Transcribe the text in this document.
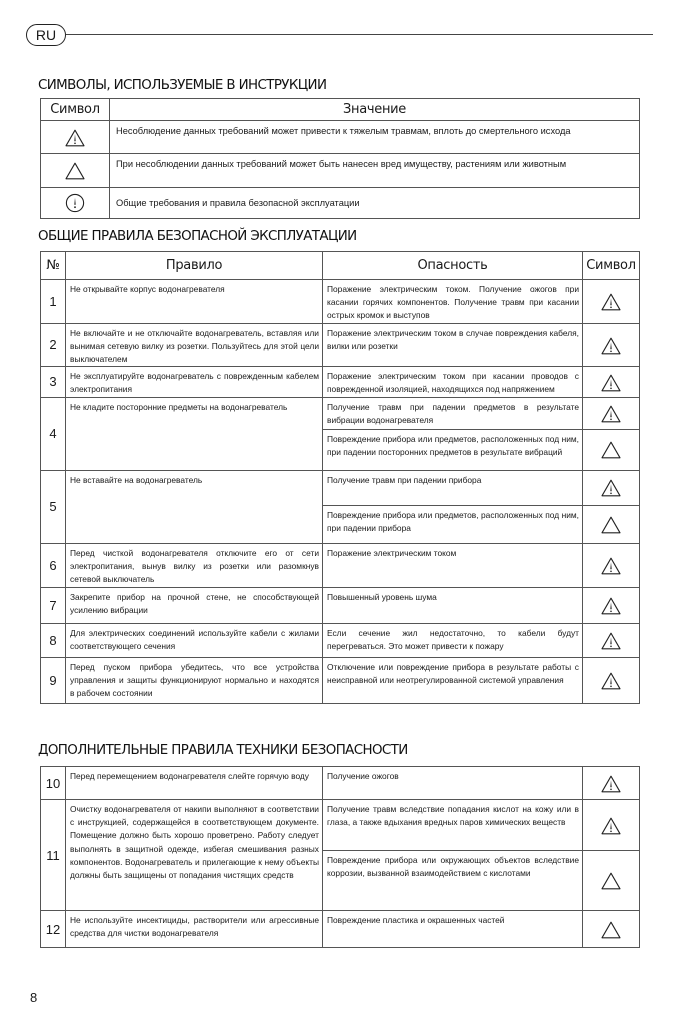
RU
СИМВОЛЫ, ИСПОЛЬЗУЕМЫЕ В ИНСТРУКЦИИ
Символ	Значение
	Несоблюдение данных требований может привести к тяжелым травмам, вплоть до смертельного исхода
	При несоблюдении данных требований может быть нанесен вред имуществу, растениям или животным
	Общие требования и правила безопасной эксплуатации
ОБЩИЕ ПРАВИЛА БЕЗОПАСНОЙ ЭКСПЛУАТАЦИИ
№	Правило	Опасность	Символ
1	Не открывайте корпус водонагревателя	Поражение электрическим током. Получение ожогов при касании горячих компонентов. Получение травм при касании острых кромок и выступов	
2	Не включайте и не отключайте водонагреватель, вставляя или вынимая сетевую вилку из розетки. Пользуйтесь для этой цели выключателем	Поражение электрическим током в случае повреждения кабеля, вилки или розетки	
3	Не эксплуатируйте водонагреватель с поврежденным кабелем электропитания	Поражение электрическим током при касании проводов с поврежденной изоляцией, находящихся под напряжением	
4	Не кладите посторонние предметы на водонагреватель	Получение травм при падении предметов в результате вибрации водонагревателя	
		Повреждение прибора или предметов, расположенных под ним, при падении посторонних предметов в результате вибраций	
5	Не вставайте на водонагреватель	Получение травм при падении прибора	
		Повреждение прибора или предметов, расположенных под ним, при падении прибора	
6	Перед чисткой водонагревателя отключите его от сети электропитания, вынув вилку из розетки или разомкнув сетевой выключатель	Поражение электрическим током	
7	Закрепите прибор на прочной стене, не способствующей усилению вибрации	Повышенный уровень шума	
8	Для электрических соединений используйте кабели с жилами соответствующего сечения	Если сечение жил недостаточно, то кабели будут перегреваться. Это может привести к пожару	
9	Перед пуском прибора убедитесь, что все устройства управления и защиты функционируют нормально и находятся в рабочем состоянии	Отключение или повреждение прибора в результате работы с неисправной или неотрегулированной системой управления	
ДОПОЛНИТЕЛЬНЫЕ ПРАВИЛА ТЕХНИКИ БЕЗОПАСНОСТИ
10	Перед перемещением водонагревателя слейте горячую воду	Получение ожогов	
11	Очистку водонагревателя от накипи выполняют в соответствии с инструкцией, содержащейся в соответствующем документе. Помещение должно быть хорошо проветрено. Работу следует выполнять в защитной одежде, избегая смешивания разных компонентов. Водонагреватель и прилегающие к нему объекты должны быть защищены от попадания чистящих средств	Получение травм вследствие попадания кислот на кожу или в глаза, а также вдыхания вредных паров химических веществ	
		Повреждение прибора или окружающих объектов вследствие коррозии, вызванной взаимодействием с кислотами	
12	Не используйте инсектициды, растворители или агрессивные средства для чистки водонагревателя	Повреждение пластика и окрашенных частей	
8
